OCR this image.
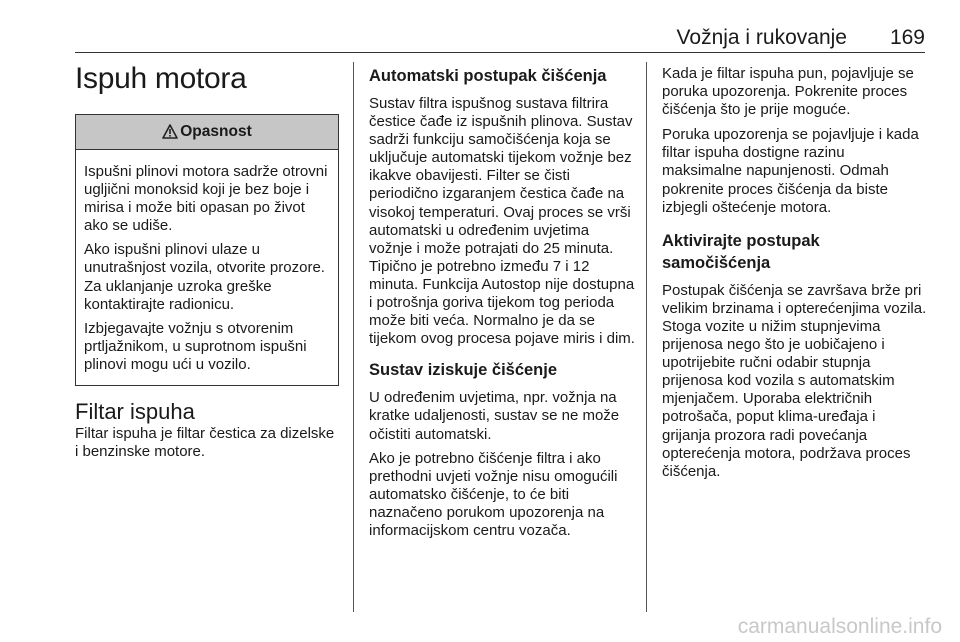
Vožnja i rukovanje 169
Ispuh motora
Opasnost

Ispušni plinovi motora sadrže otrovni ugljični monoksid koji je bez boje i mirisa i može biti opasan po život ako se udiše.

Ako ispušni plinovi ulaze u unutrašnjost vozila, otvorite prozore. Za uklanjanje uzroka greške kontaktirajte radionicu.

Izbjegavajte vožnju s otvorenim prtljažnikom, u suprotnom ispušni plinovi mogu ući u vozilo.

Filtar ispuha

Filtar ispuha je filtar čestica za dizelske i benzinske motore.

Automatski postupak čišćenja

Sustav filtra ispušnog sustava filtrira čestice čađe iz ispušnih plinova. Sustav sadrži funkciju samočišćenja koja se uključuje automatski tijekom vožnje bez ikakve obavijesti. Filter se čisti periodično izgaranjem čestica čađe na visokoj temperaturi. Ovaj proces se vrši automatski u određenim uvjetima vožnje i može potrajati do 25 minuta. Tipično je potrebno između 7 i 12 minuta. Funkcija Autostop nije dostupna i potrošnja goriva tijekom tog perioda može biti veća. Normalno je da se tijekom ovog procesa pojave miris i dim.

Sustav iziskuje čišćenje

U određenim uvjetima, npr. vožnja na kratke udaljenosti, sustav se ne može očistiti automatski.

Ako je potrebno čišćenje filtra i ako prethodni uvjeti vožnje nisu omogućili automatsko čišćenje, to će biti naznačeno porukom upozorenja na informacijskom centru vozača.

Kada je filtar ispuha pun, pojavljuje se poruka upozorenja. Pokrenite proces čišćenja što je prije moguće.

Poruka upozorenja se pojavljuje i kada filtar ispuha dostigne razinu maksimalne napunjenosti. Odmah pokrenite proces čišćenja da biste izbjegli oštećenje motora.

Aktivirajte postupak samočišćenja

Postupak čišćenja se završava brže pri velikim brzinama i opterećenjima vozila. Stoga vozite u nižim stupnjevima prijenosa nego što je uobičajeno i upotrijebite ručni odabir stupnja prijenosa kod vozila s automatskim mjenjačem. Uporaba električnih potrošača, poput klima-uređaja i grijanja prozora radi povećanja opterećenja motora, podržava proces čišćenja.

carmanualsonline.info
